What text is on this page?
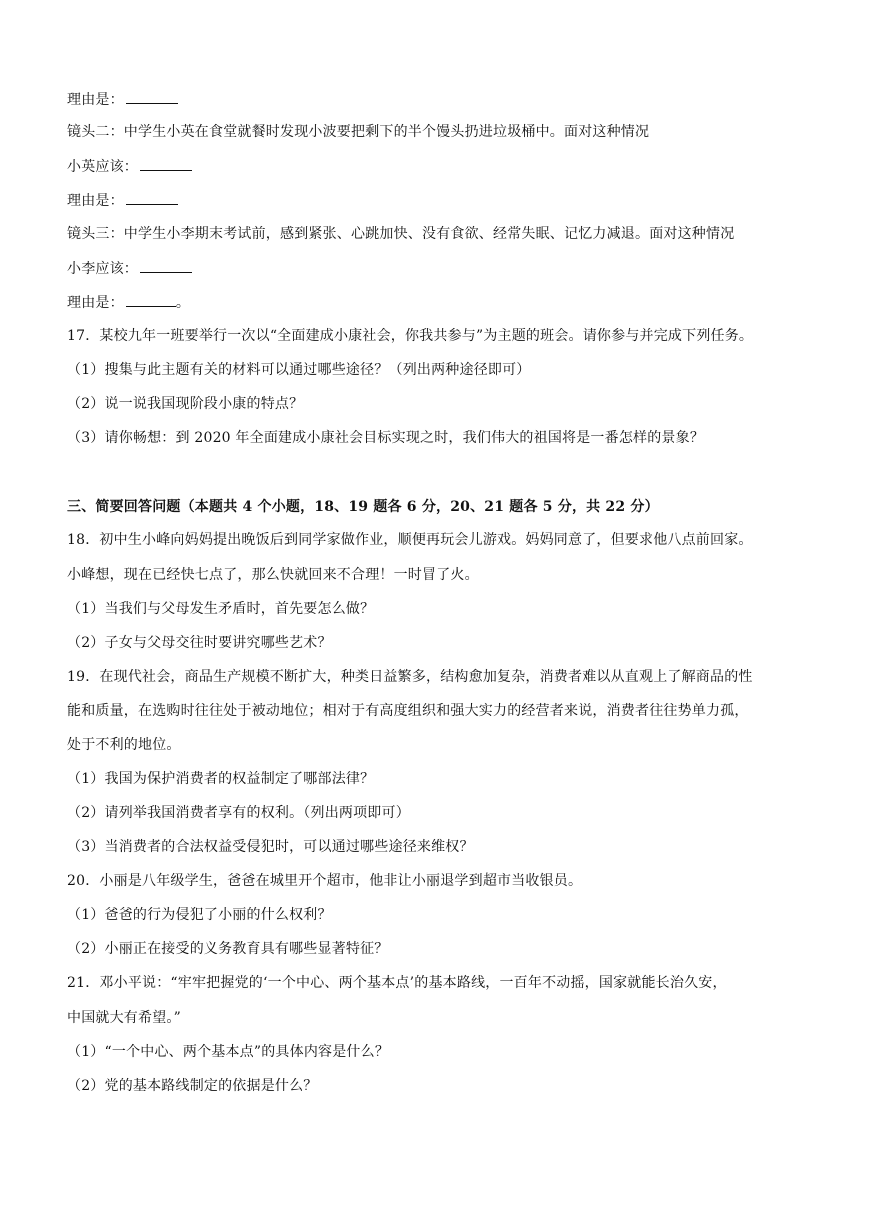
理由是：
镜头二：中学生小英在食堂就餐时发现小波要把剩下的半个馒头扔进垃圾桶中。面对这种情况
小英应该：
理由是：
镜头三：中学生小李期末考试前，感到紧张、心跳加快、没有食欲、经常失眠、记忆力减退。面对这种情况
小李应该：
理由是：	。
17．某校九年一班要举行一次以“全面建成小康社会，你我共参与”为主题的班会。请你参与并完成下列任务。
（1）搜集与此主题有关的材料可以通过哪些途径？（列出两种途径即可）
（2）说一说我国现阶段小康的特点？
（3）请你畅想：到 2020 年全面建成小康社会目标实现之时，我们伟大的祖国将是一番怎样的景象？
三、简要回答问题（本题共 4 个小题，18、19 题各 6 分，20、21 题各 5 分，共 22 分）
18．初中生小峰向妈妈提出晚饭后到同学家做作业，顺便再玩会儿游戏。妈妈同意了，但要求他八点前回家。
小峰想，现在已经快七点了，那么快就回来不合理！一时冒了火。
（1）当我们与父母发生矛盾时，首先要怎么做？
（2）子女与父母交往时要讲究哪些艺术？
19．在现代社会，商品生产规模不断扩大，种类日益繁多，结构愈加复杂，消费者难以从直观上了解商品的性
能和质量，在选购时往往处于被动地位；相对于有高度组织和强大实力的经营者来说，消费者往往势单力孤，
处于不利的地位。
（1）我国为保护消费者的权益制定了哪部法律？
（2）请列举我国消费者享有的权利。（列出两项即可）
（3）当消费者的合法权益受侵犯时，可以通过哪些途径来维权？
20．小丽是八年级学生，爸爸在城里开个超市，他非让小丽退学到超市当收银员。
（1）爸爸的行为侵犯了小丽的什么权利？
（2）小丽正在接受的义务教育具有哪些显著特征？
21．邓小平说：“牢牢把握党的‘一个中心、两个基本点’的基本路线，一百年不动摇，国家就能长治久安，
中国就大有希望。”
（1）“一个中心、两个基本点”的具体内容是什么？
（2）党的基本路线制定的依据是什么？
